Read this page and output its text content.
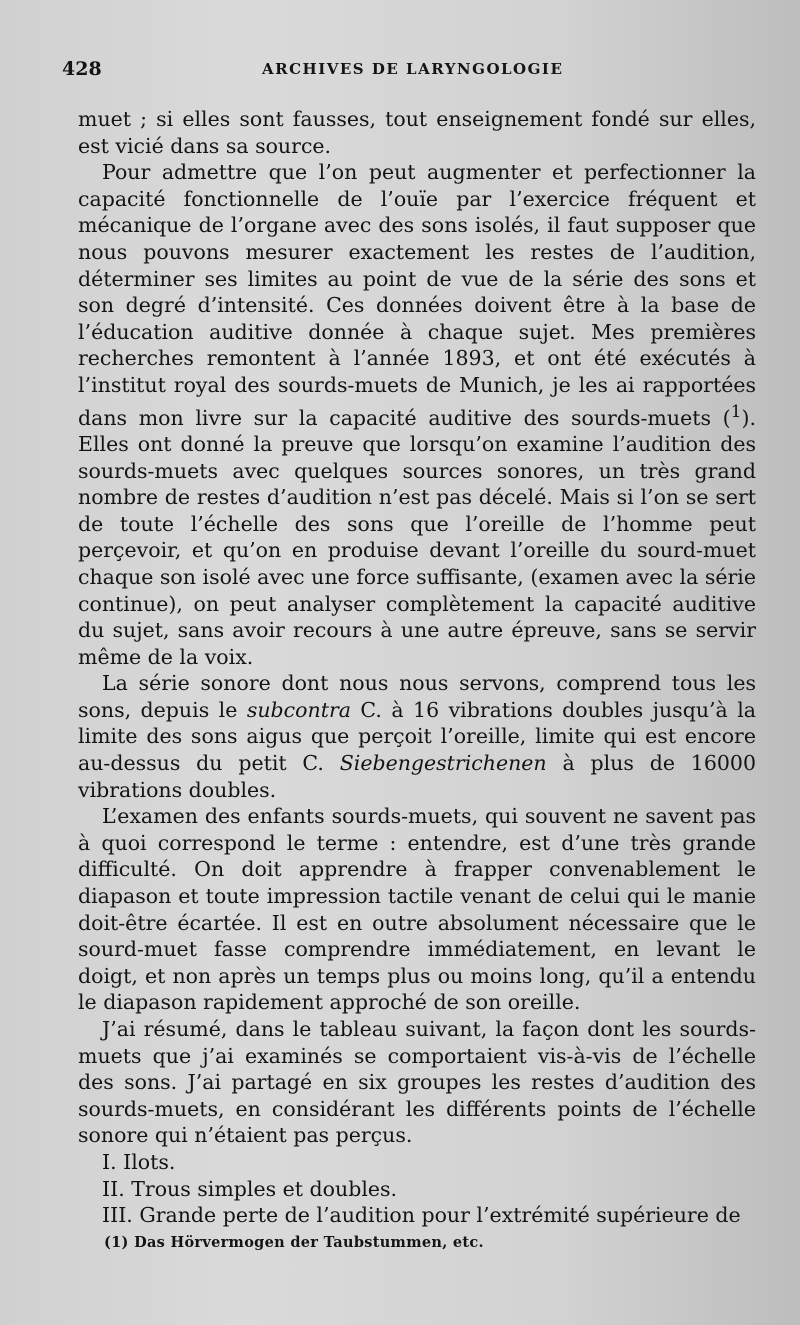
428	ARCHIVES DE LARYNGOLOGIE

muet ; si elles sont fausses, tout enseignement fondé sur elles, est vicié dans sa source.

Pour admettre que l’on peut augmenter et perfectionner la capacité fonctionnelle de l’ouïe par l’exercice fréquent et mécanique de l’organe avec des sons isolés, il faut supposer que nous pouvons mesurer exactement les restes de l’audition, déterminer ses limites au point de vue de la série des sons et son degré d’intensité. Ces données doivent être à la base de l’éducation auditive donnée à chaque sujet. Mes premières recherches remontent à l’année 1893, et ont été exécutés à l’institut royal des sourds-muets de Munich, je les ai rapportées dans mon livre sur la capacité auditive des sourds-muets ($^1$). Elles ont donné la preuve que lorsqu’on examine l’audition des sourds-muets avec quelques sources sonores, un très grand nombre de restes d’audition n’est pas décelé. Mais si l’on se sert de toute l’échelle des sons que l’oreille de l’homme peut perçevoir, et qu’on en produise devant l’oreille du sourd-muet chaque son isolé avec une force suffisante, (examen avec la série continue), on peut analyser complètement la capacité auditive du sujet, sans avoir recours à une autre épreuve, sans se servir même de la voix.

La série sonore dont nous nous servons, comprend tous les sons, depuis le subcontra C. à 16 vibrations doubles jusqu’à la limite des sons aigus que perçoit l’oreille, limite qui est encore au-dessus du petit C. Siebengestrichenen à plus de 16000 vibrations doubles.

L’examen des enfants sourds-muets, qui souvent ne savent pas à quoi correspond le terme : entendre, est d’une très grande difficulté. On doit apprendre à frapper convenablement le diapason et toute impression tactile venant de celui qui le manie doit-être écartée. Il est en outre absolument nécessaire que le sourd-muet fasse comprendre immédiatement, en levant le doigt, et non après un temps plus ou moins long, qu’il a entendu le diapason rapidement approché de son oreille.

J’ai résumé, dans le tableau suivant, la façon dont les sourds-muets que j’ai examinés se comportaient vis-à-vis de l’échelle des sons. J’ai partagé en six groupes les restes d’audition des sourds-muets, en considérant les différents points de l’échelle sonore qui n’étaient pas perçus.

I. Ilots.

II. Trous simples et doubles.

III. Grande perte de l’audition pour l’extrémité supérieure de

(1) Das Hörvermogen der Taubstummen, etc.
